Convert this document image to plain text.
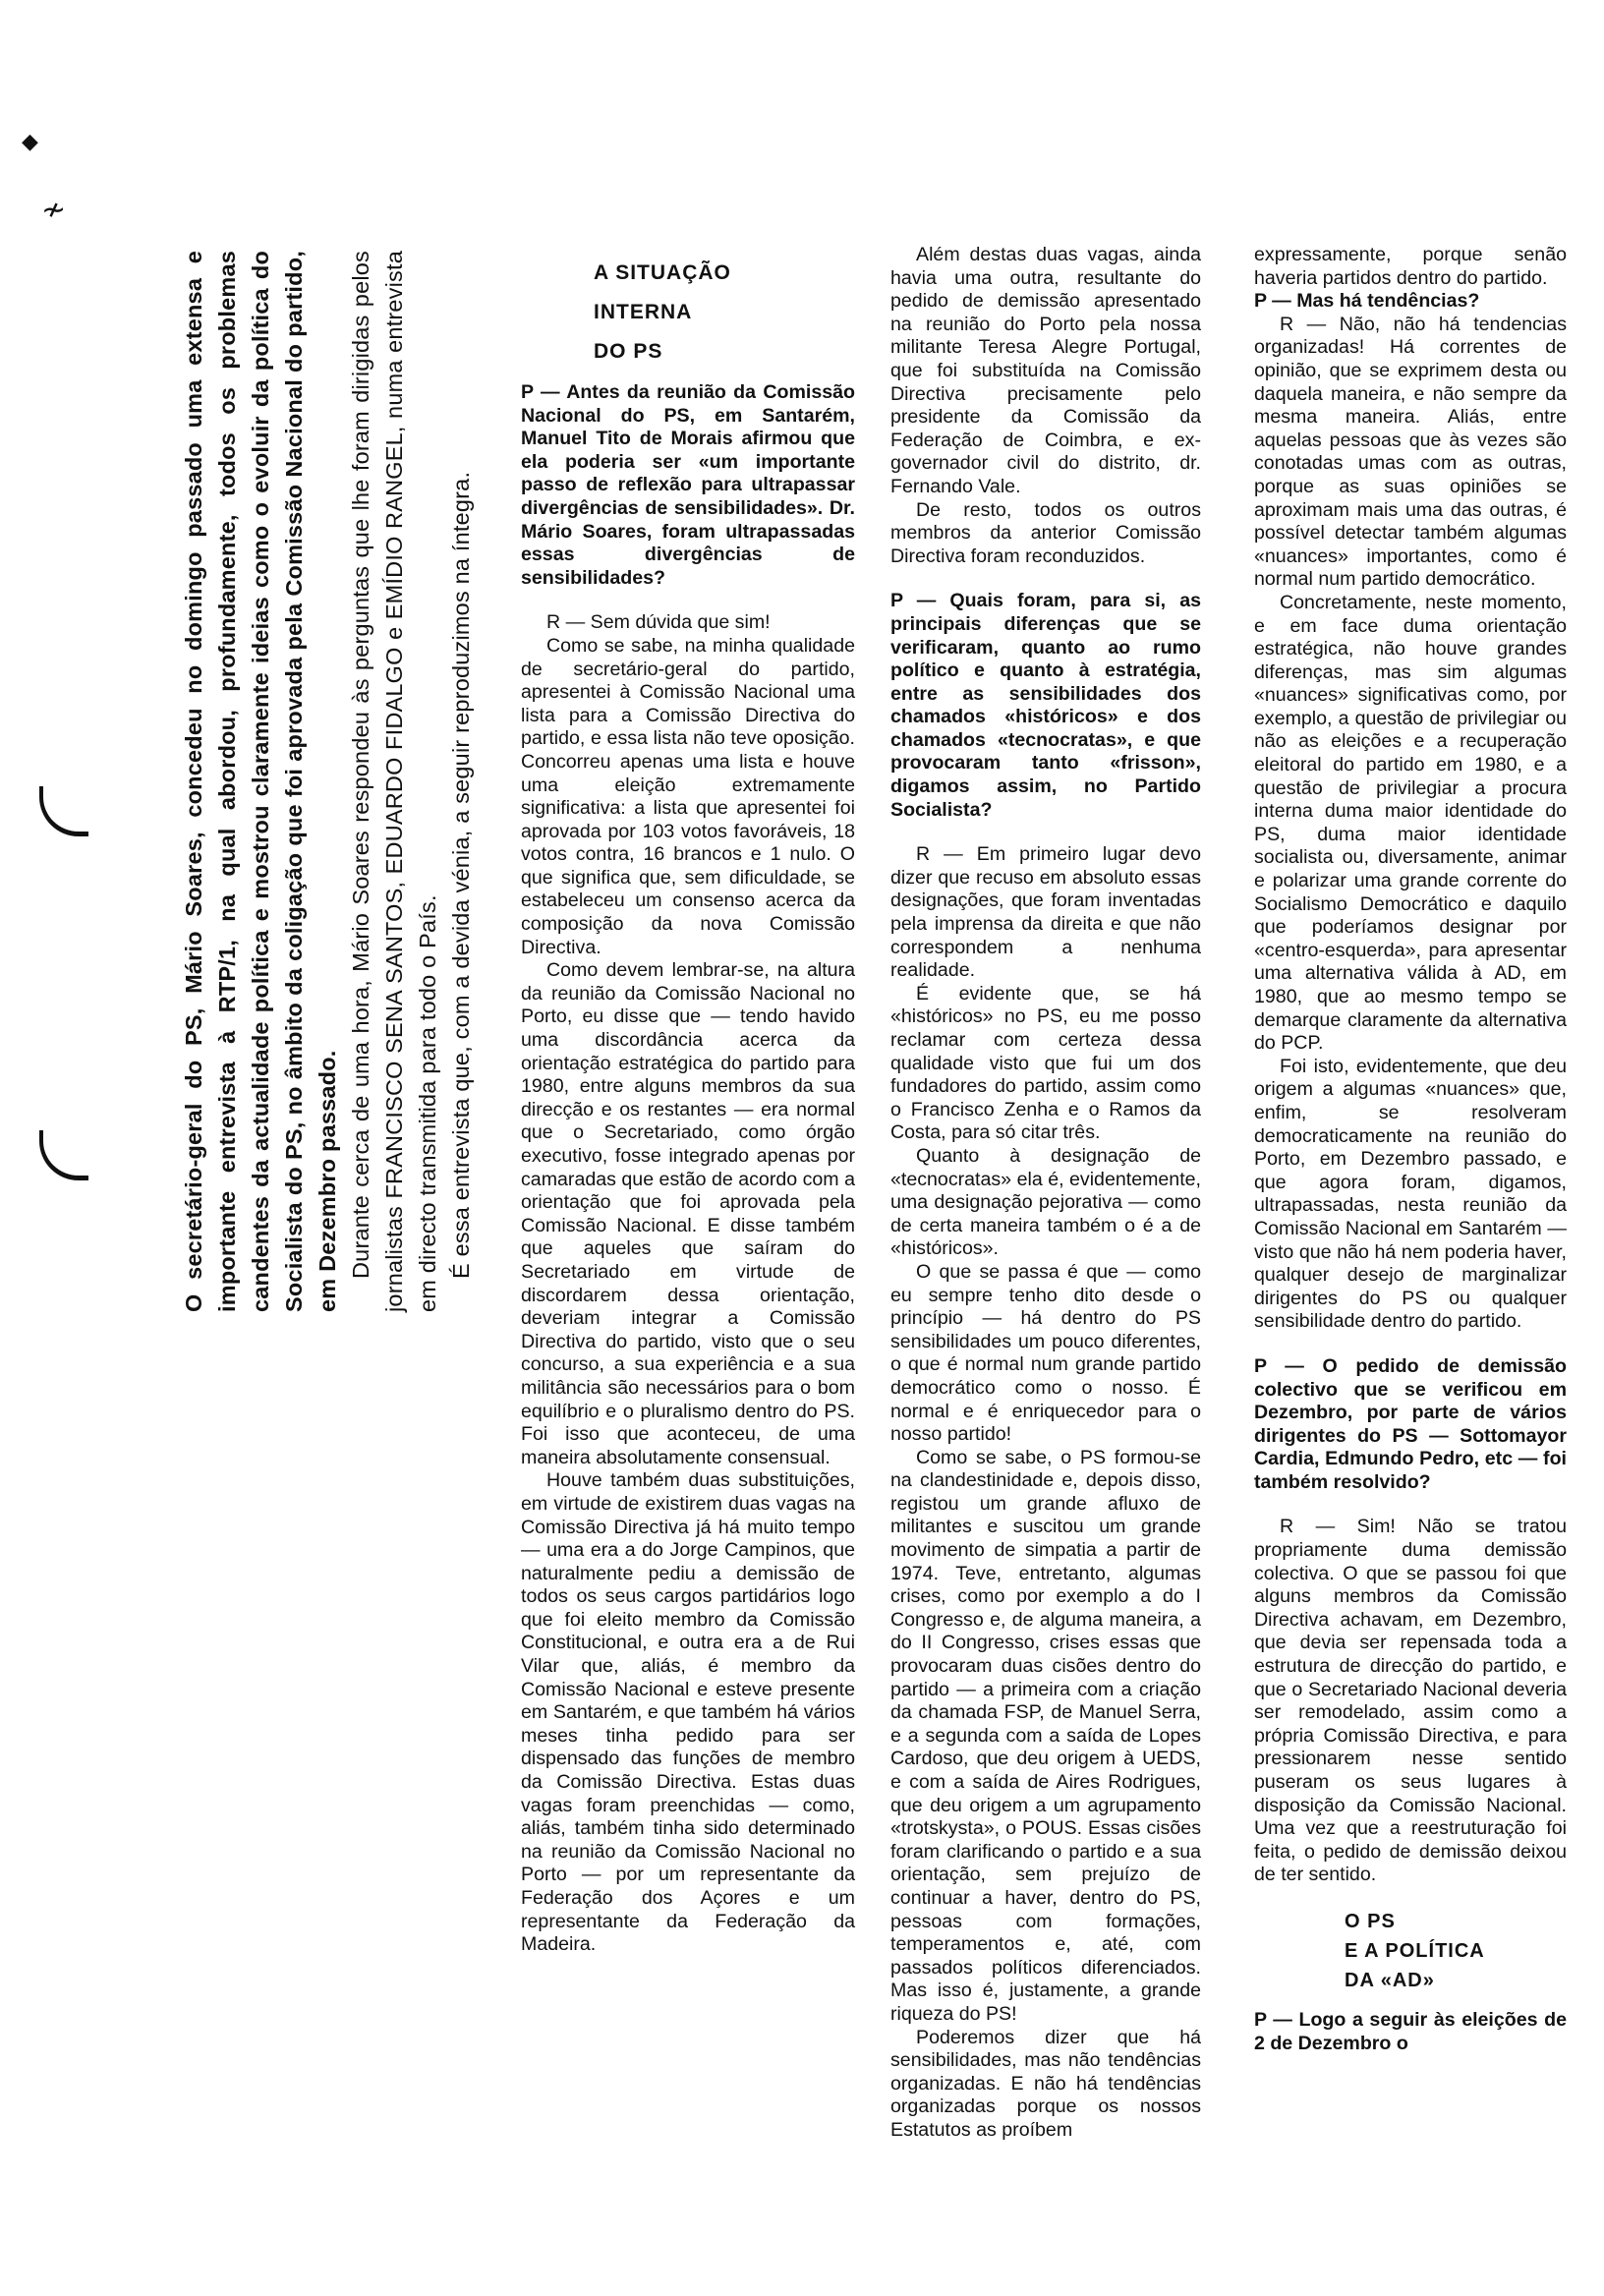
◆
≁

O secretário-geral do PS, Mário Soares, concedeu no domingo passado uma extensa e importante entrevista à RTP/1, na qual abordou, profundamente, todos os problemas candentes da actualidade política e mostrou claramente ideias como o evoluir da política do Socialista do PS, no âmbito da coligação que foi aprovada pela Comissão Nacional do partido, em Dezembro passado. Durante cerca de uma hora, Mário Soares respondeu às perguntas que lhe foram dirigidas pelos jornalistas FRANCISCO SENA SANTOS, EDUARDO FIDALGO e EMÍDIO RANGEL, numa entrevista em directo transmitida para todo o País. É essa entrevista que, com a devida vénia, a seguir reproduzimos na íntegra.

A SITUAÇÃO
INTERNA
DO PS

P — Antes da reunião da Comissão Nacional do PS, em Santarém, Manuel Tito de Morais afirmou que ela poderia ser «um importante passo de reflexão para ultrapassar divergências de sensibilidades». Dr. Mário Soares, foram ultrapassadas essas divergências de sensibilidades?

R — Sem dúvida que sim!

Como se sabe, na minha qualidade de secretário-geral do partido, apresentei à Comissão Nacional uma lista para a Comissão Directiva do partido, e essa lista não teve oposição. Concorreu apenas uma lista e houve uma eleição extremamente significativa: a lista que apresentei foi aprovada por 103 votos favoráveis, 18 votos contra, 16 brancos e 1 nulo. O que significa que, sem dificuldade, se estabeleceu um consenso acerca da composição da nova Comissão Directiva.

Como devem lembrar-se, na altura da reunião da Comissão Nacional no Porto, eu disse que — tendo havido uma discordância acerca da orientação estratégica do partido para 1980, entre alguns membros da sua direcção e os restantes — era normal que o Secretariado, como órgão executivo, fosse integrado apenas por camaradas que estão de acordo com a orientação que foi aprovada pela Comissão Nacional. E disse também que aqueles que saíram do Secretariado em virtude de discordarem dessa orientação, deveriam integrar a Comissão Directiva do partido, visto que o seu concurso, a sua experiência e a sua militância são necessários para o bom equilíbrio e o pluralismo dentro do PS. Foi isso que aconteceu, de uma maneira absolutamente consensual.

Houve também duas substituições, em virtude de existirem duas vagas na Comissão Directiva já há muito tempo — uma era a do Jorge Campinos, que naturalmente pediu a demissão de todos os seus cargos partidários logo que foi eleito membro da Comissão Constitucional, e outra era a de Rui Vilar que, aliás, é membro da Comissão Nacional e esteve presente em Santarém, e que também há vários meses tinha pedido para ser dispensado das funções de membro da Comissão Directiva. Estas duas vagas foram preenchidas — como, aliás, também tinha sido determinado na reunião da Comissão Nacional no Porto — por um representante da Federação dos Açores e um representante da Federação da Madeira.

Além destas duas vagas, ainda havia uma outra, resultante do pedido de demissão apresentado na reunião do Porto pela nossa militante Teresa Alegre Portugal, que foi substituída na Comissão Directiva precisamente pelo presidente da Comissão da Federação de Coimbra, e ex-governador civil do distrito, dr. Fernando Vale.

De resto, todos os outros membros da anterior Comissão Directiva foram reconduzidos.

P — Quais foram, para si, as principais diferenças que se verificaram, quanto ao rumo político e quanto à estratégia, entre as sensibilidades dos chamados «históricos» e dos chamados «tecnocratas», e que provocaram tanto «frisson», digamos assim, no Partido Socialista?

R — Em primeiro lugar devo dizer que recuso em absoluto essas designações, que foram inventadas pela imprensa da direita e que não correspondem a nenhuma realidade.

É evidente que, se há «históricos» no PS, eu me posso reclamar com certeza dessa qualidade visto que fui um dos fundadores do partido, assim como o Francisco Zenha e o Ramos da Costa, para só citar três.

Quanto à designação de «tecnocratas» ela é, evidentemente, uma designação pejorativa — como de certa maneira também o é a de «históricos».

O que se passa é que — como eu sempre tenho dito desde o princípio — há dentro do PS sensibilidades um pouco diferentes, o que é normal num grande partido democrático como o nosso. É normal e é enriquecedor para o nosso partido!

Como se sabe, o PS formou-se na clandestinidade e, depois disso, registou um grande afluxo de militantes e suscitou um grande movimento de simpatia a partir de 1974. Teve, entretanto, algumas crises, como por exemplo a do I Congresso e, de alguma maneira, a do II Congresso, crises essas que provocaram duas cisões dentro do partido — a primeira com a criação da chamada FSP, de Manuel Serra, e a segunda com a saída de Lopes Cardoso, que deu origem à UEDS, e com a saída de Aires Rodrigues, que deu origem a um agrupamento «trotskysta», o POUS. Essas cisões foram clarificando o partido e a sua orientação, sem prejuízo de continuar a haver, dentro do PS, pessoas com formações, temperamentos e, até, com passados políticos diferenciados. Mas isso é, justamente, a grande riqueza do PS!

Poderemos dizer que há sensibilidades, mas não tendências organizadas. E não há tendências organizadas porque os nossos Estatutos as proíbem

expressamente, porque senão haveria partidos dentro do partido.

P — Mas há tendências?

R — Não, não há tendencias organizadas! Há correntes de opinião, que se exprimem desta ou daquela maneira, e não sempre da mesma maneira. Aliás, entre aquelas pessoas que às vezes são conotadas umas com as outras, porque as suas opiniões se aproximam mais uma das outras, é possível detectar também algumas «nuances» importantes, como é normal num partido democrático.

Concretamente, neste momento, e em face duma orientação estratégica, não houve grandes diferenças, mas sim algumas «nuances» significativas como, por exemplo, a questão de privilegiar ou não as eleições e a recuperação eleitoral do partido em 1980, e a questão de privilegiar a procura interna duma maior identidade do PS, duma maior identidade socialista ou, diversamente, animar e polarizar uma grande corrente do Socialismo Democrático e daquilo que poderíamos designar por «centro-esquerda», para apresentar uma alternativa válida à AD, em 1980, que ao mesmo tempo se demarque claramente da alternativa do PCP.

Foi isto, evidentemente, que deu origem a algumas «nuances» que, enfim, se resolveram democraticamente na reunião do Porto, em Dezembro passado, e que agora foram, digamos, ultrapassadas, nesta reunião da Comissão Nacional em Santarém — visto que não há nem poderia haver, qualquer desejo de marginalizar dirigentes do PS ou qualquer sensibilidade dentro do partido.

P — O pedido de demissão colectivo que se verificou em Dezembro, por parte de vários dirigentes do PS — Sottomayor Cardia, Edmundo Pedro, etc — foi também resolvido?

R — Sim! Não se tratou propriamente duma demissão colectiva. O que se passou foi que alguns membros da Comissão Directiva achavam, em Dezembro, que devia ser repensada toda a estrutura de direcção do partido, e que o Secretariado Nacional deveria ser remodelado, assim como a própria Comissão Directiva, e para pressionarem nesse sentido puseram os seus lugares à disposição da Comissão Nacional. Uma vez que a reestruturação foi feita, o pedido de demissão deixou de ter sentido.

O PS
E A POLÍTICA
DA «AD»

P — Logo a seguir às eleições de 2 de Dezembro o
